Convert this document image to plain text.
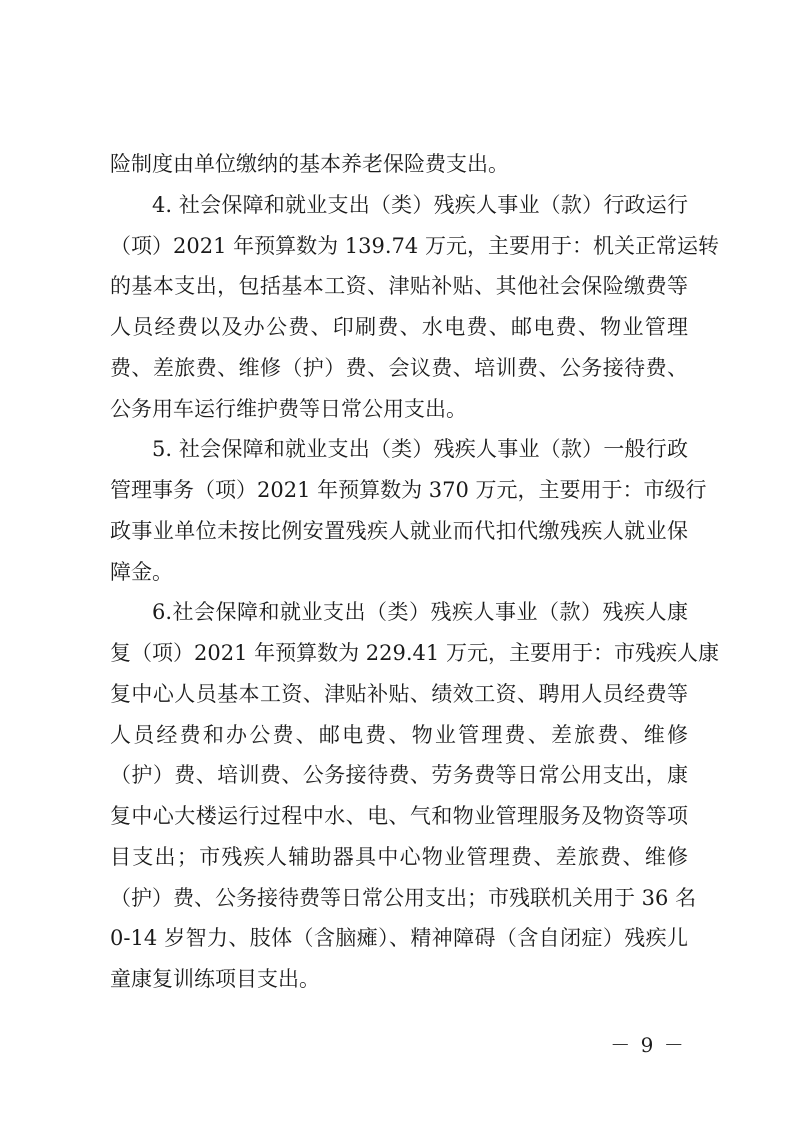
险制度由单位缴纳的基本养老保险费支出。
4. 社会保障和就业支出（类）残疾人事业（款）行政运行
（项）2021 年预算数为 139.74 万元，主要用于：机关正常运转
的基本支出，包括基本工资、津贴补贴、其他社会保险缴费等
人员经费以及办公费、印刷费、水电费、邮电费、物业管理
费、差旅费、维修（护）费、会议费、培训费、公务接待费、
公务用车运行维护费等日常公用支出。
5. 社会保障和就业支出（类）残疾人事业（款）一般行政
管理事务（项）2021 年预算数为 370 万元，主要用于：市级行
政事业单位未按比例安置残疾人就业而代扣代缴残疾人就业保
障金。
6.社会保障和就业支出（类）残疾人事业（款）残疾人康
复（项）2021 年预算数为 229.41 万元，主要用于：市残疾人康
复中心人员基本工资、津贴补贴、绩效工资、聘用人员经费等
人员经费和办公费、邮电费、物业管理费、差旅费、维修
（护）费、培训费、公务接待费、劳务费等日常公用支出，康
复中心大楼运行过程中水、电、气和物业管理服务及物资等项
目支出；市残疾人辅助器具中心物业管理费、差旅费、维修
（护）费、公务接待费等日常公用支出；市残联机关用于 36 名
0-14 岁智力、肢体（含脑瘫）、精神障碍（含自闭症）残疾儿
童康复训练项目支出。
－ 9 －
